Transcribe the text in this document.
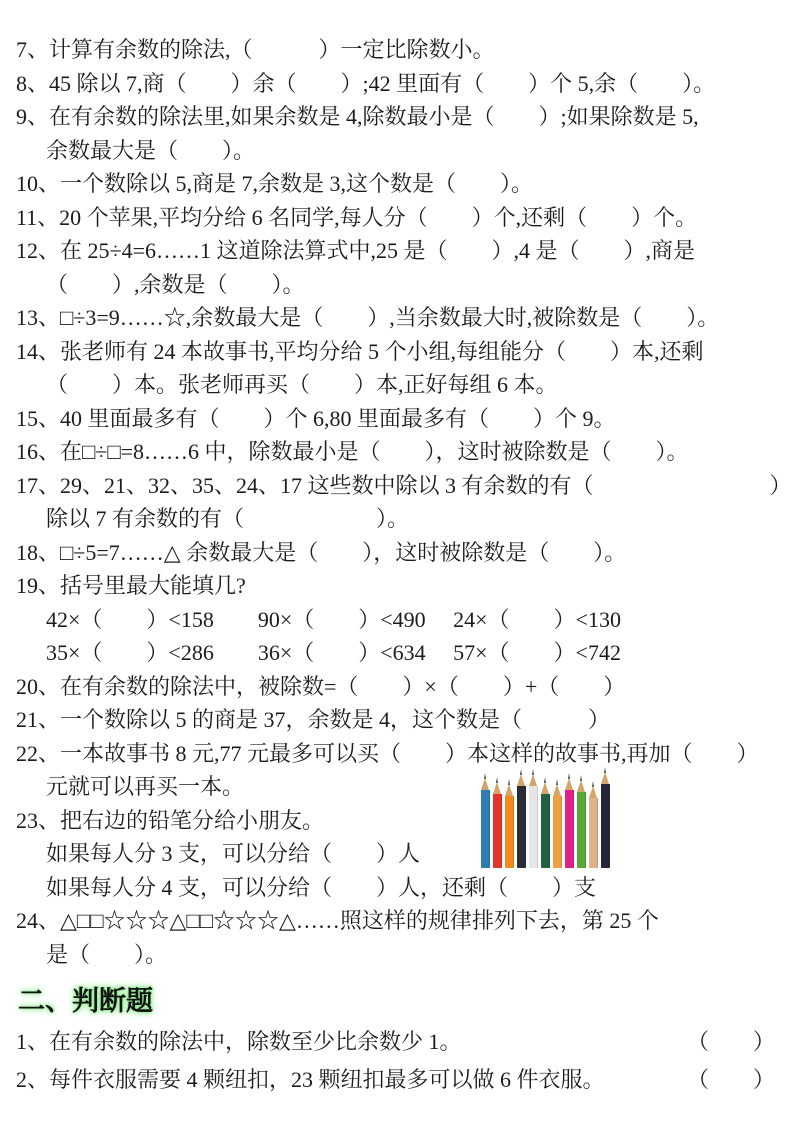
7、计算有余数的除法,（　　　）一定比除数小。
8、45 除以 7,商（　　）余（　　）;42 里面有（　　）个 5,余（　　）。
9、在有余数的除法里,如果余数是 4,除数最小是（　　）;如果除数是 5,
余数最大是（　　）。
10、一个数除以 5,商是 7,余数是 3,这个数是（　　）。
11、20 个苹果,平均分给 6 名同学,每人分（　　）个,还剩（　　）个。
12、在 25÷4=6……1 这道除法算式中,25 是（　　）,4 是（　　）,商是
（　　）,余数是（　　）。
13、□÷3=9……☆,余数最大是（　　）,当余数最大时,被除数是（　　）。
14、张老师有 24 本故事书,平均分给 5 个小组,每组能分（　　）本,还剩
（　　）本。张老师再买（　　）本,正好每组 6 本。
15、40 里面最多有（　　）个 6,80 里面最多有（　　）个 9。
16、在□÷□=8……6 中，除数最小是（　　），这时被除数是（　　）。
17、29、21、32、35、24、17 这些数中除以 3 有余数的有（　　　　　　　　）
除以 7 有余数的有（　　　　　　）。
18、□÷5=7……△ 余数最大是（　　），这时被除数是（　　）。
19、括号里最大能填几?
42×（　　）<158　　90×（　　）<490　 24×（　　）<130
35×（　　）<286　　36×（　　）<634　 57×（　　）<742
20、在有余数的除法中，被除数=（　　）×（　　）+（　　）
21、一个数除以 5 的商是 37，余数是 4，这个数是（　　　）
22、一本故事书 8 元,77 元最多可以买（　　）本这样的故事书,再加（　　）
元就可以再买一本。
23、把右边的铅笔分给小朋友。
如果每人分 3 支，可以分给（　　）人
如果每人分 4 支，可以分给（　　）人，还剩（　　）支
24、△□□☆☆☆△□□☆☆☆△……照这样的规律排列下去，第 25 个
是（　　）。
二、判断题
1、在有余数的除法中，除数至少比余数少 1。	（　　）
2、每件衣服需要 4 颗纽扣，23 颗纽扣最多可以做 6 件衣服。	（　　）
